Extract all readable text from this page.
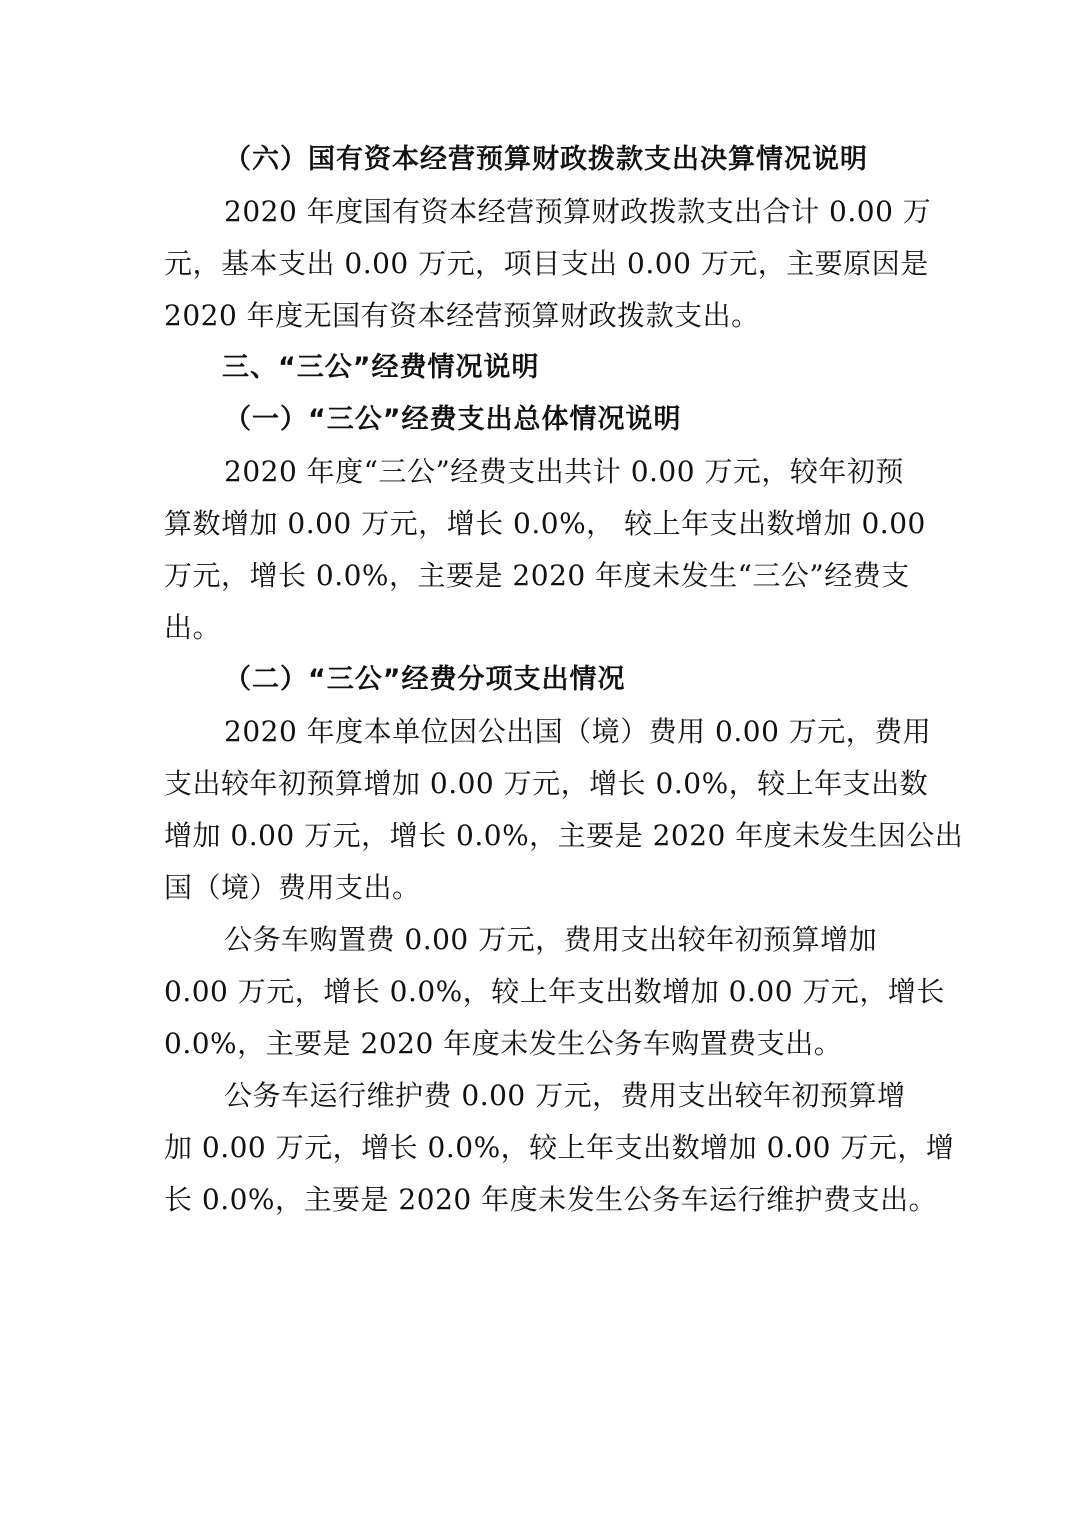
（六）国有资本经营预算财政拨款支出决算情况说明
2020 年度国有资本经营预算财政拨款支出合计 0.00 万
元，基本支出 0.00 万元，项目支出 0.00 万元，主要原因是
2020 年度无国有资本经营预算财政拨款支出。
三、“三公”经费情况说明
（一）“三公”经费支出总体情况说明
2020 年度“三公”经费支出共计 0.00 万元，较年初预
算数增加 0.00 万元，增长 0.0%， 较上年支出数增加 0.00
万元，增长 0.0%，主要是 2020 年度未发生“三公”经费支
出。
（二）“三公”经费分项支出情况
2020 年度本单位因公出国（境）费用 0.00 万元，费用
支出较年初预算增加 0.00 万元，增长 0.0%，较上年支出数
增加 0.00 万元，增长 0.0%，主要是 2020 年度未发生因公出
国（境）费用支出。
公务车购置费 0.00 万元，费用支出较年初预算增加
0.00 万元，增长 0.0%，较上年支出数增加 0.00 万元，增长
0.0%，主要是 2020 年度未发生公务车购置费支出。
公务车运行维护费 0.00 万元，费用支出较年初预算增
加 0.00 万元，增长 0.0%，较上年支出数增加 0.00 万元，增
长 0.0%，主要是 2020 年度未发生公务车运行维护费支出。
